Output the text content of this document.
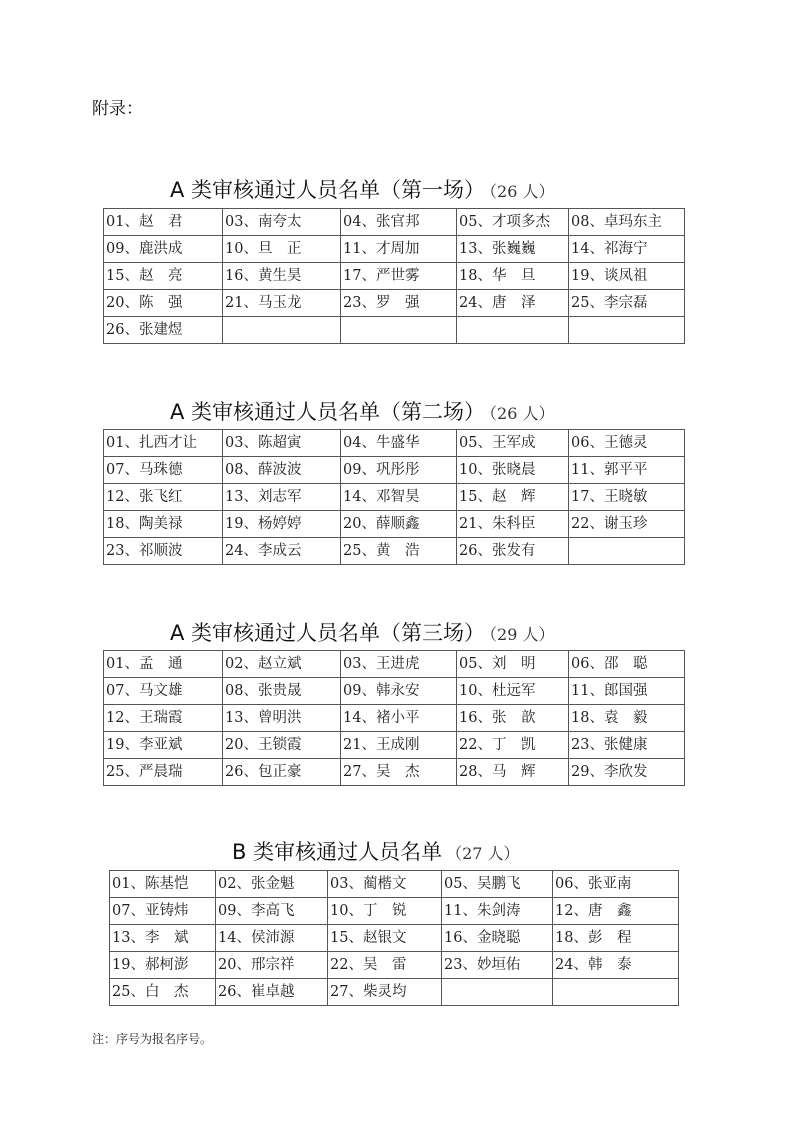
附录：
A 类审核通过人员名单（第一场） （26 人）
01、赵　君	03、南夸太	04、张官邦	05、才项多杰	08、卓玛东主
09、鹿洪成	10、旦　正	11、才周加	13、张巍巍	14、祁海宁
15、赵　亮	16、黄生昊	17、严世雾	18、华　旦	19、谈凤祖
20、陈　强	21、马玉龙	23、罗　强	24、唐　泽	25、李宗磊
26、张建煜				
A 类审核通过人员名单（第二场） （26 人）
01、扎西才让	03、陈超寅	04、牛盛华	05、王军成	06、王德灵
07、马珠德	08、薛波波	09、巩彤彤	10、张晓晨	11、郭平平
12、张飞红	13、刘志军	14、邓智昊	15、赵　辉	17、王晓敏
18、陶美禄	19、杨婷婷	20、薛顺鑫	21、朱科臣	22、谢玉珍
23、祁顺波	24、李成云	25、黄　浩	26、张发有	
A 类审核通过人员名单（第三场） （29 人）
01、孟　通	02、赵立斌	03、王进虎	05、刘　明	06、邵　聪
07、马文雄	08、张贵晟	09、韩永安	10、杜远军	11、郎国强
12、王瑞霞	13、曾明洪	14、褚小平	16、张　歆	18、袁　毅
19、李亚斌	20、王锁霞	21、王成刚	22、丁　凯	23、张健康
25、严晨瑞	26、包正豪	27、吴　杰	28、马　辉	29、李欣发
B 类审核通过人员名单 （27 人）
01、陈基恺	02、张金魁	03、蔺楷文	05、吴鹏飞	06、张亚南
07、亚铸炜	09、李高飞	10、丁　锐	11、朱剑涛	12、唐　鑫
13、李　斌	14、侯沛源	15、赵银文	16、金晓聪	18、彭　程
19、郝柯澎	20、邢宗祥	22、吴　雷	23、妙垣佑	24、韩　泰
25、白　杰	26、崔卓越	27、柴灵均		
注：序号为报名序号。
